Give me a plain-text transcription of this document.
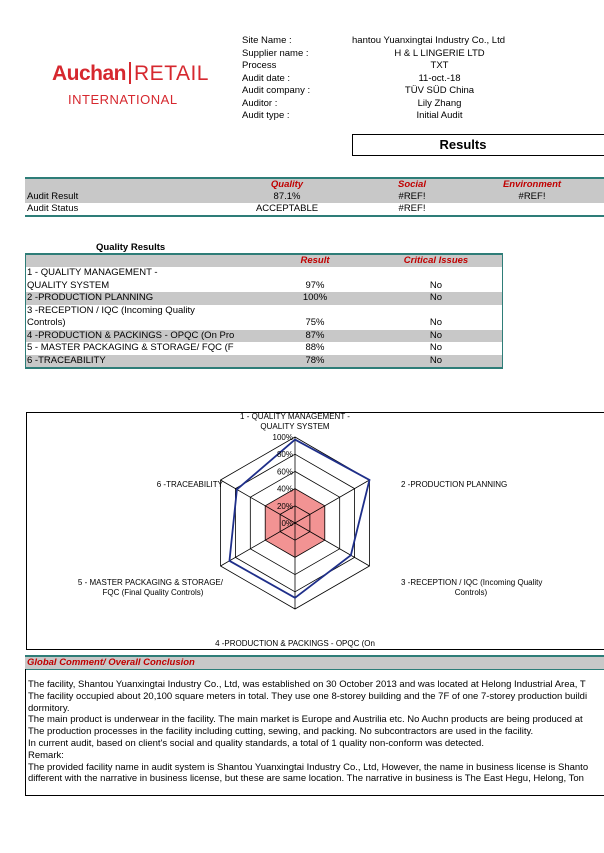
Auchan RETAIL
INTERNATIONAL
Site Name :	hantou Yuanxingtai Industry Co., Ltd
Supplier name :	H & L LINGERIE LTD
Process	TXT
Audit date :	11-oct.-18
Audit company :	TÜV SÜD China
Auditor :	Lily Zhang
Audit type :	Initial Audit
Results
Quality	Social	Environment
Audit Result	87.1%	#REF!	#REF!
Audit Status	ACCEPTABLE	#REF!
Quality Results
Result	Critical Issues
1 - QUALITY MANAGEMENT -
QUALITY SYSTEM	97%	No
2 -PRODUCTION PLANNING	100%	No
3 -RECEPTION / IQC (Incoming Quality
Controls)	75%	No
4 -PRODUCTION & PACKINGS - OPQC (On Pro	87%	No
5 - MASTER PACKAGING & STORAGE/ FQC (F	88%	No
6 -TRACEABILITY	78%	No
0%
20%
40%
60%
80%
100%
1 - QUALITY MANAGEMENT -
QUALITY SYSTEM
2 -PRODUCTION PLANNING
3 -RECEPTION / IQC (Incoming Quality
Controls)
4 -PRODUCTION & PACKINGS - OPQC (On
5 - MASTER PACKAGING & STORAGE/
FQC (Final Quality Controls)
6 -TRACEABILITY
Global Comment/ Overall Conclusion
The facility, Shantou Yuanxingtai Industry Co., Ltd, was established on 30 October 2013 and was located at Helong Industrial Area, T
The facility occupied about 20,100 square meters in total. They use one 8-storey building and the 7F of one 7-storey production buildi
dormitory.
The main product is underwear in the facility. The main market is Europe and Austrilia etc. No Auchn products are being produced at
The production processes in the facility including cutting, sewing, and packing. No subcontractors are used in the facility.
In current audit, based on client's social and quality standards, a total of 1 quality non-conform was detected.
Remark:
The provided facility name in audit system is Shantou Yuanxingtai Industry Co., Ltd, However, the name in business license is Shanto
different with the narrative in business license, but these are same location. The narrative in business is The East Hegu, Helong, Ton
